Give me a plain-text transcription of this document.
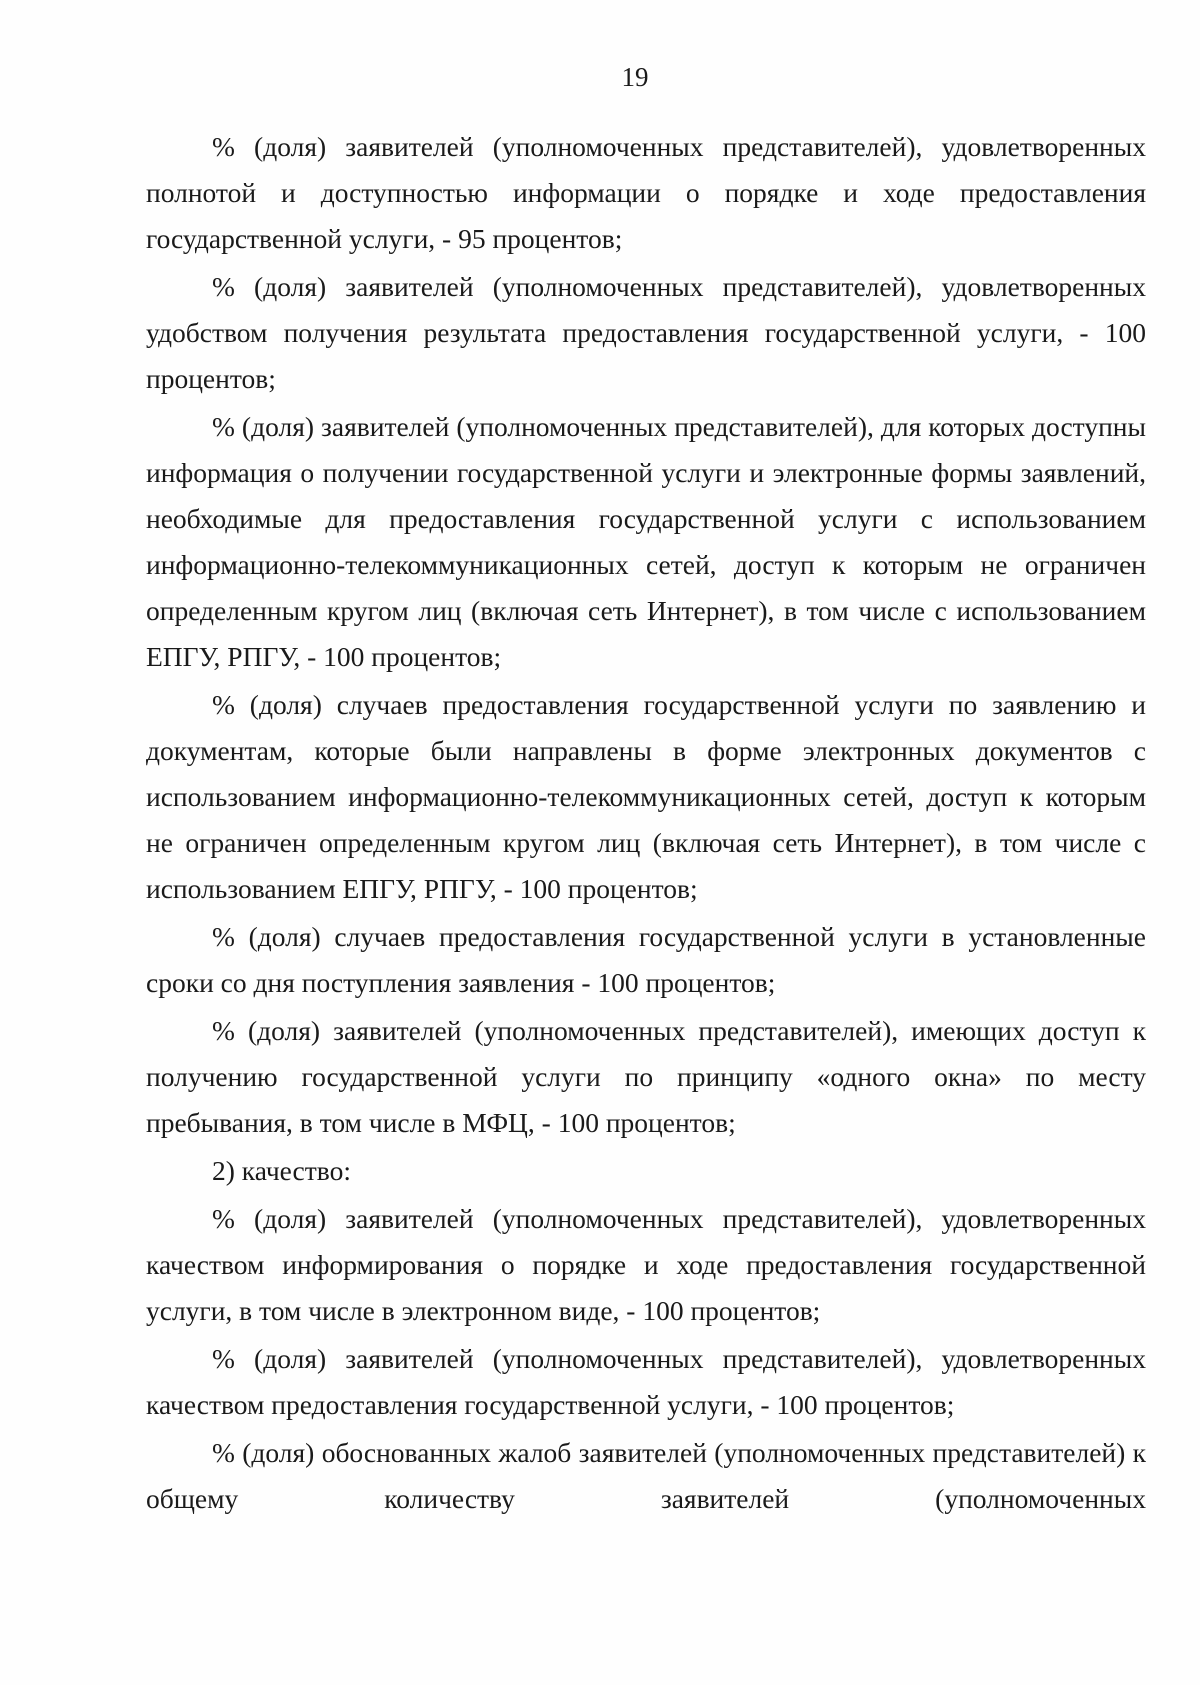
19

% (доля) заявителей (уполномоченных представителей), удовлетворенных полнотой и доступностью информации о порядке и ходе предоставления государственной услуги, - 95 процентов;

% (доля) заявителей (уполномоченных представителей), удовлетворенных удобством получения результата предоставления государственной услуги, - 100 процентов;

% (доля) заявителей (уполномоченных представителей), для которых доступны информация о получении государственной услуги и электронные формы заявлений, необходимые для предоставления государственной услуги с использованием информационно-телекоммуникационных сетей, доступ к которым не ограничен определенным кругом лиц (включая сеть Интернет), в том числе с использованием ЕПГУ, РПГУ, - 100 процентов;

% (доля) случаев предоставления государственной услуги по заявлению и документам, которые были направлены в форме электронных документов с использованием информационно-телекоммуникационных сетей, доступ к которым не ограничен определенным кругом лиц (включая сеть Интернет), в том числе с использованием ЕПГУ, РПГУ, - 100 процентов;

% (доля) случаев предоставления государственной услуги в установленные сроки со дня поступления заявления - 100 процентов;

% (доля) заявителей (уполномоченных представителей), имеющих доступ к получению государственной услуги по принципу «одного окна» по месту пребывания, в том числе в МФЦ, - 100 процентов;

2) качество:

% (доля) заявителей (уполномоченных представителей), удовлетворенных качеством информирования о порядке и ходе предоставления государственной услуги, в том числе в электронном виде, - 100 процентов;

% (доля) заявителей (уполномоченных представителей), удовлетворенных качеством предоставления государственной услуги, - 100 процентов;

% (доля) обоснованных жалоб заявителей (уполномоченных представителей) к общему количеству заявителей (уполномоченных
